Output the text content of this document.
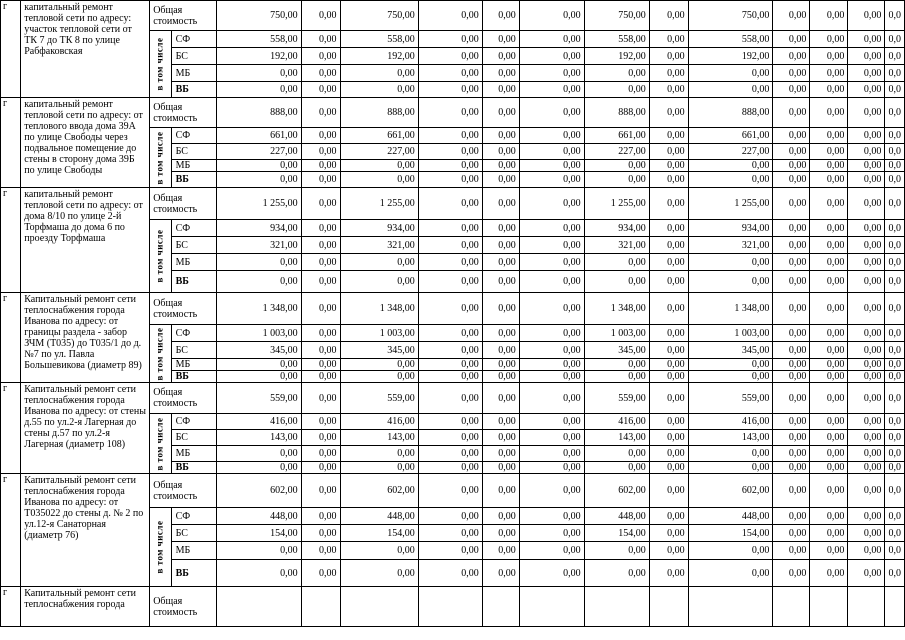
г	капитальный ремонт тепловой сети по адресу: участок тепловой сети от ТК 7 до ТК 8 по улице Рабфаковская	Общая стоимость		750,00	0,00	750,00	0,00	0,00	0,00	750,00	0,00	750,00	0,00	0,00	0,00	0,0

		в том числе	СФ	558,00	0,00	558,00	0,00	0,00	0,00	558,00	0,00	558,00	0,00	0,00	0,00	0,0
			БС	192,00	0,00	192,00	0,00	0,00	0,00	192,00	0,00	192,00	0,00	0,00	0,00	0,0
			МБ	0,00	0,00	0,00	0,00	0,00	0,00	0,00	0,00	0,00	0,00	0,00	0,00	0,0
			ВБ	0,00	0,00	0,00	0,00	0,00	0,00	0,00	0,00	0,00	0,00	0,00	0,00	0,0
г	капитальный ремонт тепловой сети по адресу: от теплового ввода дома 39А по улице Свободы через подвальное помещение до стены в сторону дома 39Б по улице Свободы	Общая стоимость		888,00	0,00	888,00	0,00	0,00	0,00	888,00	0,00	888,00	0,00	0,00	0,00	0,0

		в том числе	СФ	661,00	0,00	661,00	0,00	0,00	0,00	661,00	0,00	661,00	0,00	0,00	0,00	0,0
			БС	227,00	0,00	227,00	0,00	0,00	0,00	227,00	0,00	227,00	0,00	0,00	0,00	0,0
			МБ	0,00	0,00	0,00	0,00	0,00	0,00	0,00	0,00	0,00	0,00	0,00	0,00	0,0
			ВБ	0,00	0,00	0,00	0,00	0,00	0,00	0,00	0,00	0,00	0,00	0,00	0,00	0,0
г	капитальный ремонт тепловой сети по адресу: от дома 8/10 по улице 2-й Торфмаша до дома 6 по проезду Торфмаша	Общая стоимость		1 255,00	0,00	1 255,00	0,00	0,00	0,00	1 255,00	0,00	1 255,00	0,00	0,00	0,00	0,0

		в том числе	СФ	934,00	0,00	934,00	0,00	0,00	0,00	934,00	0,00	934,00	0,00	0,00	0,00	0,0
			БС	321,00	0,00	321,00	0,00	0,00	0,00	321,00	0,00	321,00	0,00	0,00	0,00	0,0
			МБ	0,00	0,00	0,00	0,00	0,00	0,00	0,00	0,00	0,00	0,00	0,00	0,00	0,0
			ВБ	0,00	0,00	0,00	0,00	0,00	0,00	0,00	0,00	0,00	0,00	0,00	0,00	0,0
г	Капитальный ремонт сети теплоснабжения города Иванова по адресу: от границы раздела - забор ЗЧМ (Т035) до Т035/1 до д.№7 по ул. Павла Большевикова (диаметр 89)	Общая стоимость		1 348,00	0,00	1 348,00	0,00	0,00	0,00	1 348,00	0,00	1 348,00	0,00	0,00	0,00	0,0

		в том числе	СФ	1 003,00	0,00	1 003,00	0,00	0,00	0,00	1 003,00	0,00	1 003,00	0,00	0,00	0,00	0,0
			БС	345,00	0,00	345,00	0,00	0,00	0,00	345,00	0,00	345,00	0,00	0,00	0,00	0,0
			МБ	0,00	0,00	0,00	0,00	0,00	0,00	0,00	0,00	0,00	0,00	0,00	0,00	0,0
			ВБ	0,00	0,00	0,00	0,00	0,00	0,00	0,00	0,00	0,00	0,00	0,00	0,00	0,0
г	Капитальный ремонт сети теплоснабжения города Иванова по адресу: от стены д.55 по ул.2-я Лагерная до стены д.57 по ул.2-я Лагерная (диаметр 108)	Общая стоимость		559,00	0,00	559,00	0,00	0,00	0,00	559,00	0,00	559,00	0,00	0,00	0,00	0,0

		в том числе	СФ	416,00	0,00	416,00	0,00	0,00	0,00	416,00	0,00	416,00	0,00	0,00	0,00	0,0
			БС	143,00	0,00	143,00	0,00	0,00	0,00	143,00	0,00	143,00	0,00	0,00	0,00	0,0
			МБ	0,00	0,00	0,00	0,00	0,00	0,00	0,00	0,00	0,00	0,00	0,00	0,00	0,0
			ВБ	0,00	0,00	0,00	0,00	0,00	0,00	0,00	0,00	0,00	0,00	0,00	0,00	0,0
г	Капитальный ремонт сети теплоснабжения города Иванова по адресу: от Т035022 до стены д. № 2 по ул.12-я Санаторная (диаметр 76)	Общая стоимость		602,00	0,00	602,00	0,00	0,00	0,00	602,00	0,00	602,00	0,00	0,00	0,00	0,0

		в том числе	СФ	448,00	0,00	448,00	0,00	0,00	0,00	448,00	0,00	448,00	0,00	0,00	0,00	0,0
			БС	154,00	0,00	154,00	0,00	0,00	0,00	154,00	0,00	154,00	0,00	0,00	0,00	0,0
			МБ	0,00	0,00	0,00	0,00	0,00	0,00	0,00	0,00	0,00	0,00	0,00	0,00	0,0
			ВБ	0,00	0,00	0,00	0,00	0,00	0,00	0,00	0,00	0,00	0,00	0,00	0,00	0,0
г	Капитальный ремонт сети теплоснабжения города	Общая стоимость														
